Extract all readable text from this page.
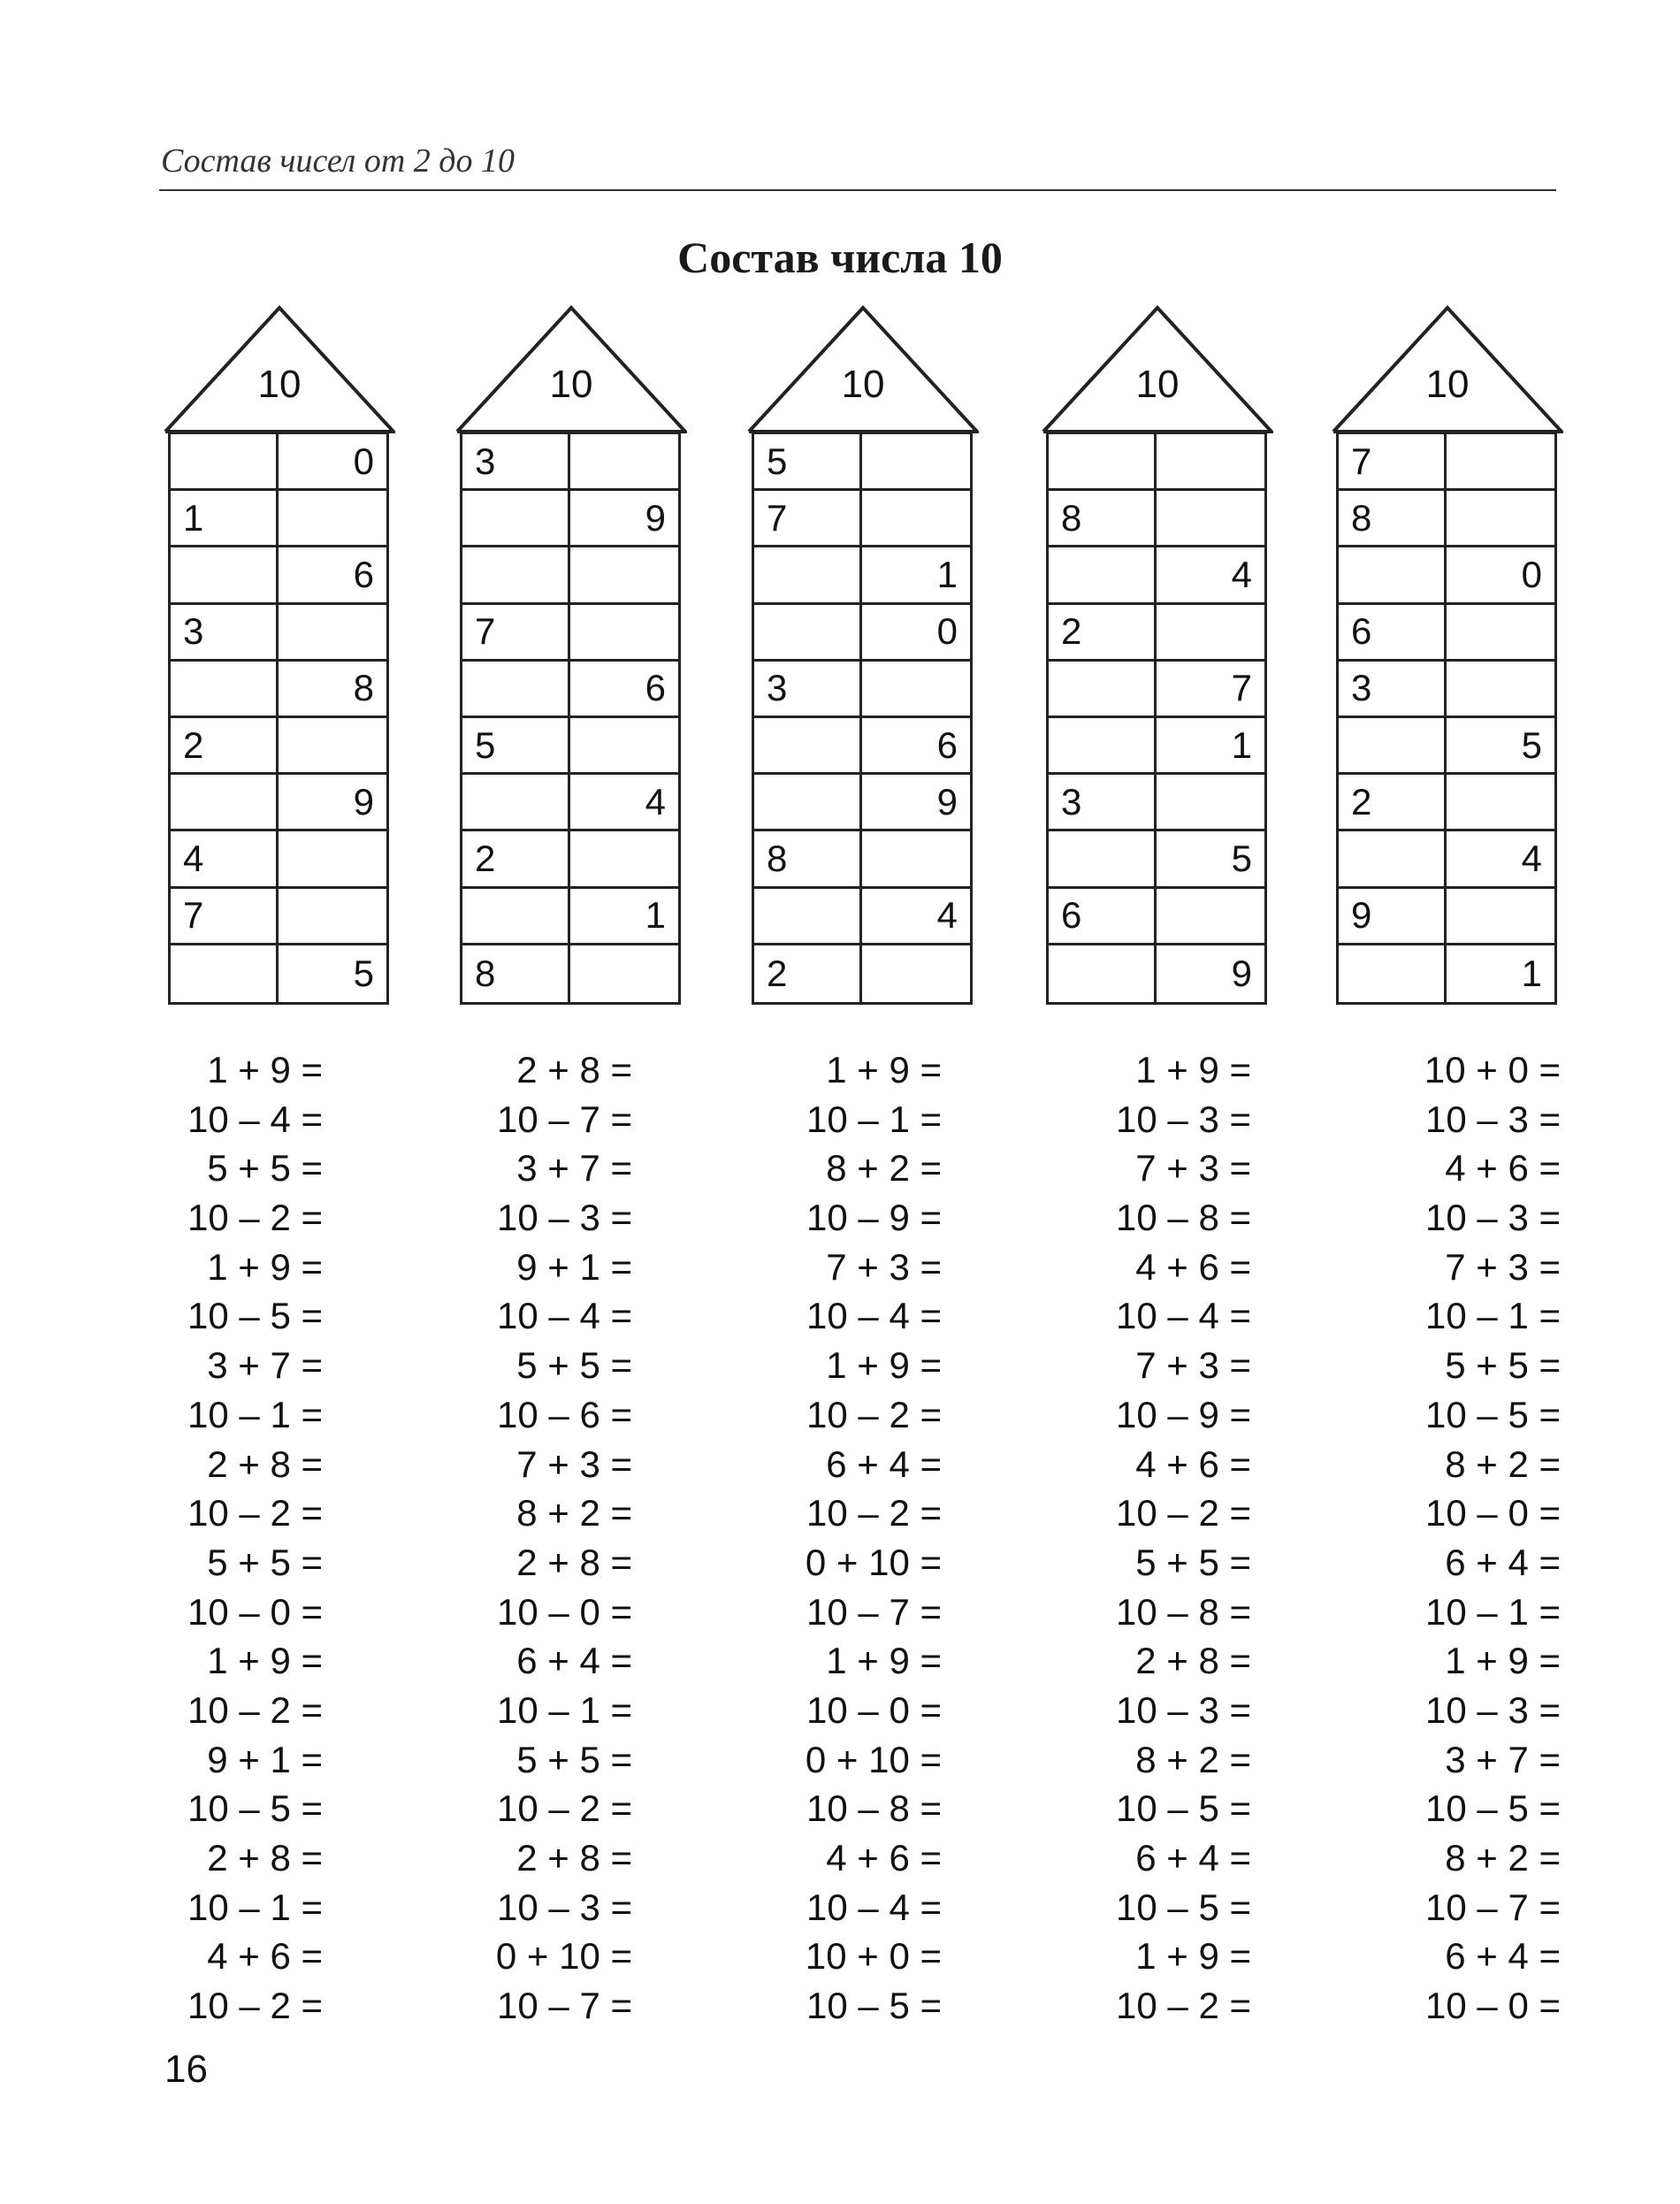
Состав чисел от 2 до 10
Состав числа 10
10
0
1
6
3
8
2
9
4
7
5
10
3
9
7
6
5
4
2
1
8
10
5
7
1
0
3
6
9
8
4
2
10
8
4
2
7
1
3
5
6
9
10
7
8
0
6
3
5
2
4
9
1
1 + 9 =
10 – 4 =
5 + 5 =
10 – 2 =
1 + 9 =
10 – 5 =
3 + 7 =
10 – 1 =
2 + 8 =
10 – 2 =
5 + 5 =
10 – 0 =
1 + 9 =
10 – 2 =
9 + 1 =
10 – 5 =
2 + 8 =
10 – 1 =
4 + 6 =
10 – 2 =
2 + 8 =
10 – 7 =
3 + 7 =
10 – 3 =
9 + 1 =
10 – 4 =
5 + 5 =
10 – 6 =
7 + 3 =
8 + 2 =
2 + 8 =
10 – 0 =
6 + 4 =
10 – 1 =
5 + 5 =
10 – 2 =
2 + 8 =
10 – 3 =
0 + 10 =
10 – 7 =
1 + 9 =
10 – 1 =
8 + 2 =
10 – 9 =
7 + 3 =
10 – 4 =
1 + 9 =
10 – 2 =
6 + 4 =
10 – 2 =
0 + 10 =
10 – 7 =
1 + 9 =
10 – 0 =
0 + 10 =
10 – 8 =
4 + 6 =
10 – 4 =
10 + 0 =
10 – 5 =
1 + 9 =
10 – 3 =
7 + 3 =
10 – 8 =
4 + 6 =
10 – 4 =
7 + 3 =
10 – 9 =
4 + 6 =
10 – 2 =
5 + 5 =
10 – 8 =
2 + 8 =
10 – 3 =
8 + 2 =
10 – 5 =
6 + 4 =
10 – 5 =
1 + 9 =
10 – 2 =
10 + 0 =
10 – 3 =
4 + 6 =
10 – 3 =
7 + 3 =
10 – 1 =
5 + 5 =
10 – 5 =
8 + 2 =
10 – 0 =
6 + 4 =
10 – 1 =
1 + 9 =
10 – 3 =
3 + 7 =
10 – 5 =
8 + 2 =
10 – 7 =
6 + 4 =
10 – 0 =
16
